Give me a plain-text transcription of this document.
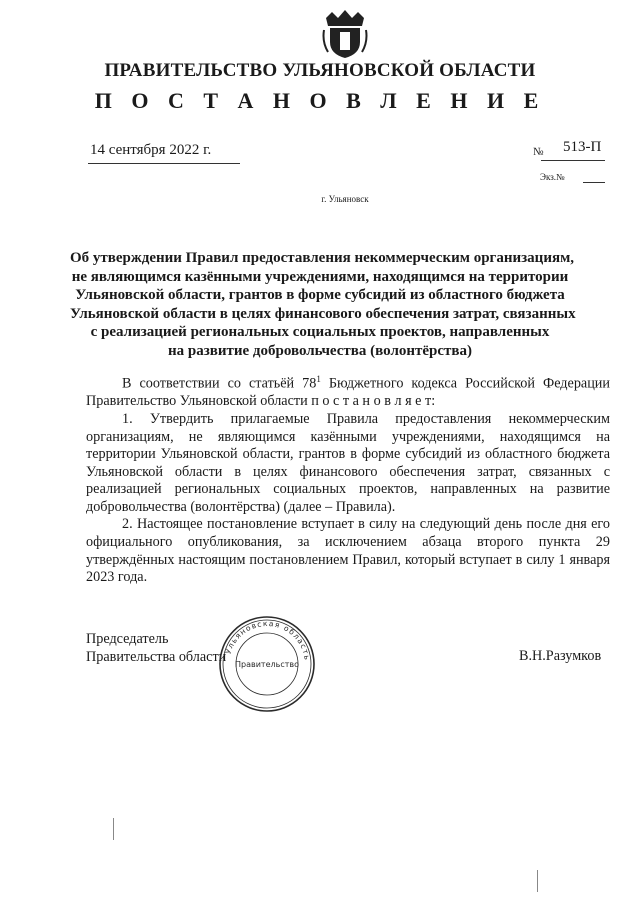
ПРАВИТЕЛЬСТВО УЛЬЯНОВСКОЙ ОБЛАСТИ
П О С Т А Н О В Л Е Н И Е
14 сентября 2022 г.	№ 513-П
Экз.№
г. Ульяновск
Об утверждении Правил предоставления некоммерческим организациям,
не являющимся казёнными учреждениями, находящимся на территории
Ульяновской области, грантов в форме субсидий из областного бюджета
Ульяновской области в целях финансового обеспечения затрат, связанных
с реализацией региональных социальных проектов, направленных
на развитие добровольчества (волонтёрства)

В соответствии со статьёй $78^1$ Бюджетного кодекса Российской Федерации Правительство Ульяновской области п о с т а н о в л я е т:

1. Утвердить прилагаемые Правила предоставления некоммерческим организациям, не являющимся казёнными учреждениями, находящимся на территории Ульяновской области, грантов в форме субсидий из областного бюджета Ульяновской области в целях финансового обеспечения затрат, связанных с реализацией региональных социальных проектов, направленных на развитие добровольчества (волонтёрства) (далее – Правила).

2. Настоящее постановление вступает в силу на следующий день после дня его официального опубликования, за исключением абзаца второго пункта 29 утверждённых настоящим постановлением Правил, который вступает в силу 1 января 2023 года.

Председатель
Правительства области	В.Н.Разумков
Ульяновская область
Правительство
